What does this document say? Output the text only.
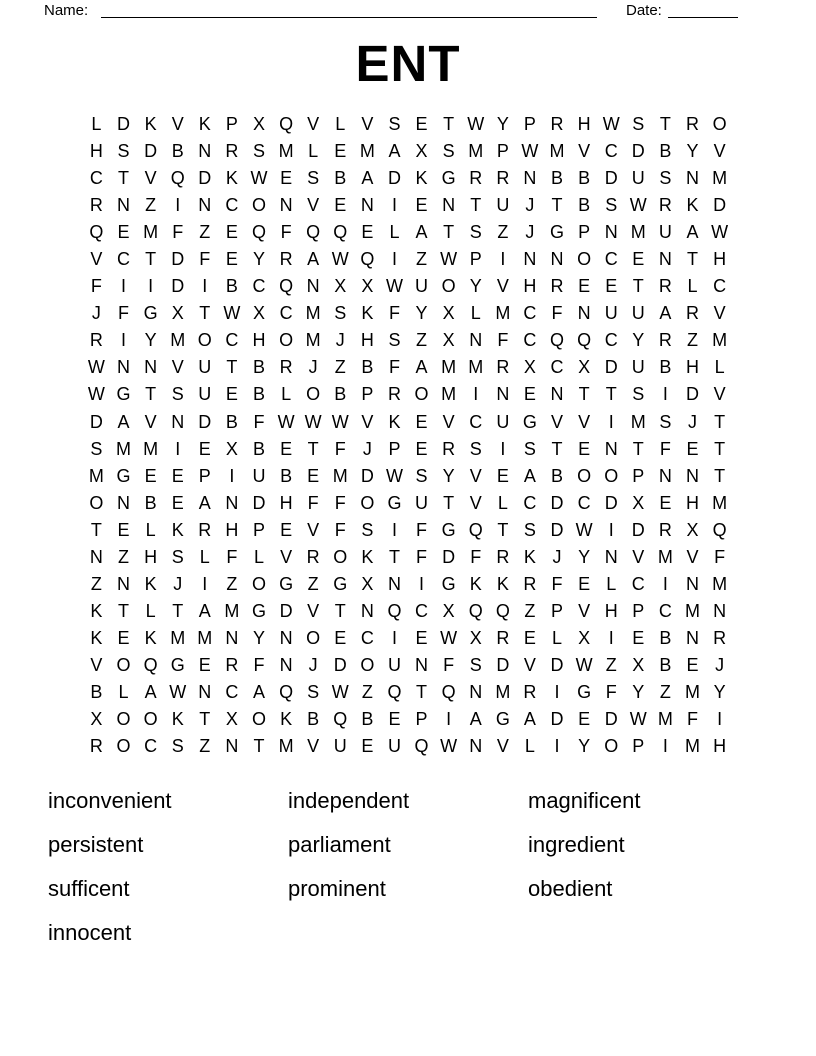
Name:	Date:
ENT
L D K V K P X Q V L V S E T W Y P R H W S T R O
H S D B N R S M L E M A X S M P W M V C D B Y V
C T V Q D K W E S B A D K G R R N B B D U S N M
R N Z	I	N C O N V E N	I	E N T U J T B S W R K D
Q E M F Z E Q F Q Q E L A T S Z J G P N M U A W
V C T D F E Y R A W Q I	Z W P	I	N N O C E N T H
F	I	I	D	I	B C Q N X X W U O Y V H R E E T R L C
J F G X T W X C M S K F Y X L M C F N U U A R V
R	I	Y M O C H O M J H S Z X N F C Q Q C Y R Z M
W N N V U T B R J Z B F A M M R X C X D U B H L
W G T S U E B L O B P R O M I	N E N T T S	I	D V
D A V N D B F W W W V K E V C U G V V	I M S J T
S M M I	E X B E T F J P E R S	I	S T E N T F E T
M G E E P	I	U B E M D W S Y V E A B O O P N N T
O N B E A N D H F F O G U T V L C D C D X E H M
T E L K R H P E V F S	I	F G Q T S D W I	D R X Q
N Z H S L F L V R O K T F D F R K J Y N V M V F
Z N K J	I	Z O G Z G X N	I G K K R F E L C	I	N M
K T L T A M G D V T N Q C X Q Q Z P V H P C M N
K E K M M N Y N O E C	I	E W X R E L X	I	E B N R
V O Q G E R F N J D O U N F S D V D W Z X B E J
B L A W N C A Q S W Z Q T Q N M R	I G F Y Z M Y
X O O K T X O K B Q B E P	I	A G A D E D W M F	I
R O C S Z N T M V U E U Q W N V L	I	Y O P	I M H
inconvenient
persistent
sufficent
innocent
independent
parliament
prominent
magnificent
ingredient
obedient
